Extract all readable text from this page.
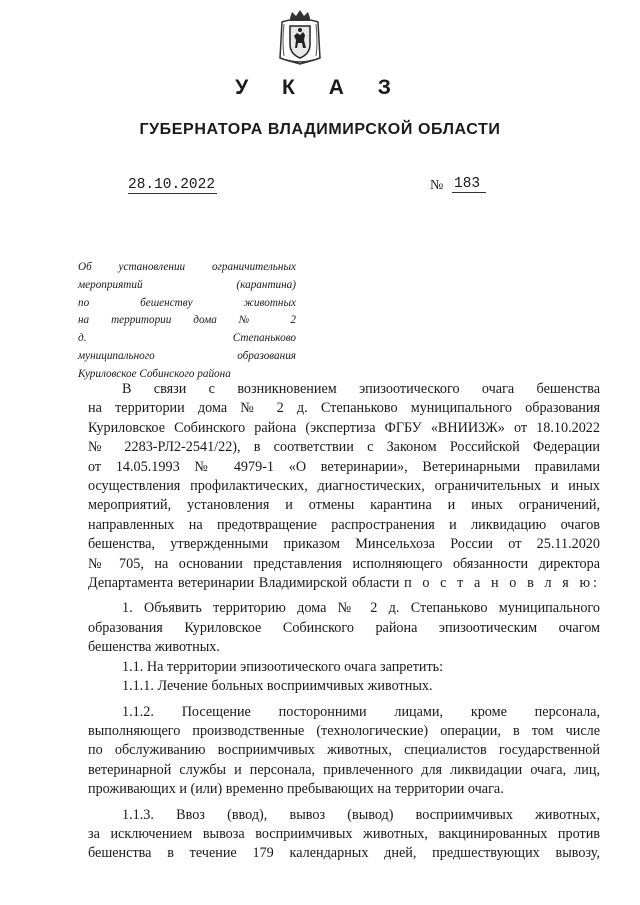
У К А З
ГУБЕРНАТОРА ВЛАДИМИРСКОЙ ОБЛАСТИ
28.10.2022	№ 183
Об установлении ограничительных
мероприятий (карантина)
по бешенству животных
на территории дома № 2
д. Степаньково
муниципального образования
Куриловское Собинского района
В связи с возникновением эпизоотического очага бешенства
на территории дома № 2 д. Степаньково муниципального образования
Куриловское Собинского района (экспертиза ФГБУ «ВНИИЗЖ» от 18.10.2022
№ 2283-РЛ2-2541/22), в соответствии с Законом Российской Федерации
от 14.05.1993 № 4979-1 «О ветеринарии», Ветеринарными правилами
осуществления профилактических, диагностических, ограничительных и иных
мероприятий, установления и отмены карантина и иных ограничений,
направленных на предотвращение распространения и ликвидацию очагов
бешенства, утвержденными приказом Минсельхоза России от 25.11.2020
№ 705, на основании представления исполняющего обязанности директора
Департамента ветеринарии Владимирской области п о с т а н о в л я ю:
1. Объявить территорию дома № 2 д. Степаньково муниципального
образования Куриловское Собинского района эпизоотическим очагом
бешенства животных.
1.1. На территории эпизоотического очага запретить:
1.1.1. Лечение больных восприимчивых животных.
1.1.2. Посещение посторонними лицами, кроме персонала,
выполняющего производственные (технологические) операции, в том числе
по обслуживанию восприимчивых животных, специалистов государственной
ветеринарной службы и персонала, привлеченного для ликвидации очага, лиц,
проживающих и (или) временно пребывающих на территории очага.
1.1.3. Ввоз (ввод), вывоз (вывод) восприимчивых животных,
за исключением вывоза восприимчивых животных, вакцинированных против
бешенства в течение 179 календарных дней, предшествующих вывозу,
